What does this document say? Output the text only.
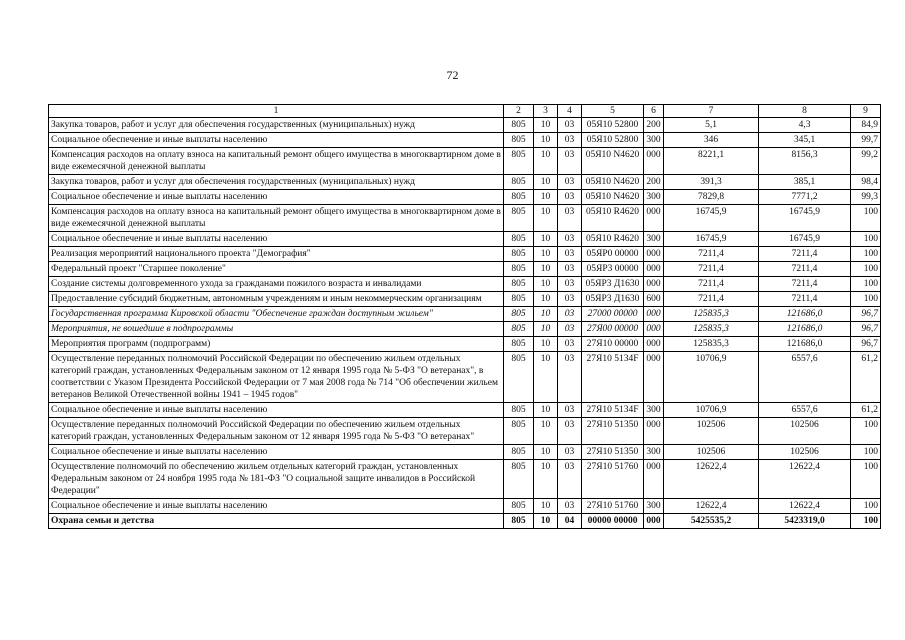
72
1	2	3	4	5	6	7	8	9
Закупка товаров, работ и услуг для обеспечения государственных (муниципальных) нужд	805	10	03	05Я10 52800	200	5,1	4,3	84,9
Социальное обеспечение и иные выплаты населению	805	10	03	05Я10 52800	300	346	345,1	99,7
Компенсация расходов на оплату взноса на капитальный ремонт общего имущества в многоквартирном доме в виде ежемесячной денежной выплаты	805	10	03	05Я10 N4620	000	8221,1	8156,3	99,2
Закупка товаров, работ и услуг для обеспечения государственных (муниципальных) нужд	805	10	03	05Я10 N4620	200	391,3	385,1	98,4
Социальное обеспечение и иные выплаты населению	805	10	03	05Я10 N4620	300	7829,8	7771,2	99,3
Компенсация расходов на оплату взноса на капитальный ремонт общего имущества в многоквартирном доме в виде ежемесячной денежной выплаты	805	10	03	05Я10 R4620	000	16745,9	16745,9	100
Социальное обеспечение и иные выплаты населению	805	10	03	05Я10 R4620	300	16745,9	16745,9	100
Реализация мероприятий национального проекта "Демография"	805	10	03	05ЯР0 00000	000	7211,4	7211,4	100
Федеральный проект "Старшее поколение"	805	10	03	05ЯР3 00000	000	7211,4	7211,4	100
Создание системы долговременного ухода за гражданами пожилого возраста и инвалидами	805	10	03	05ЯР3 Д1630	000	7211,4	7211,4	100
Предоставление субсидий бюджетным, автономным учреждениям и иным некоммерческим организациям	805	10	03	05ЯР3 Д1630	600	7211,4	7211,4	100
Государственная программа Кировской области "Обеспечение граждан доступным жильем"	805	10	03	27000 00000	000	125835,3	121686,0	96,7
Мероприятия, не вошедшие в подпрограммы	805	10	03	27Я00 00000	000	125835,3	121686,0	96,7
Мероприятия программ (подпрограмм)	805	10	03	27Я10 00000	000	125835,3	121686,0	96,7
Осуществление переданных полномочий Российской Федерации по обеспечению жильем отдельных категорий граждан, установленных Федеральным законом от 12 января 1995 года № 5-ФЗ "О ветеранах", в соответствии с Указом Президента Российской Федерации от 7 мая 2008 года № 714 "Об обеспечении жильем ветеранов Великой Отечественной войны 1941 – 1945 годов"	805	10	03	27Я10 5134F	000	10706,9	6557,6	61,2
Социальное обеспечение и иные выплаты населению	805	10	03	27Я10 5134F	300	10706,9	6557,6	61,2
Осуществление переданных полномочий Российской Федерации по обеспечению жильем отдельных категорий граждан, установленных Федеральным законом от 12 января 1995 года № 5-ФЗ "О ветеранах"	805	10	03	27Я10 51350	000	102506	102506	100
Социальное обеспечение и иные выплаты населению	805	10	03	27Я10 51350	300	102506	102506	100
Осуществление полномочий по обеспечению жильем отдельных категорий граждан, установленных Федеральным законом от 24 ноября 1995 года № 181-ФЗ "О социальной защите инвалидов в Российской Федерации"	805	10	03	27Я10 51760	000	12622,4	12622,4	100
Социальное обеспечение и иные выплаты населению	805	10	03	27Я10 51760	300	12622,4	12622,4	100
Охрана семьи и детства	805	10	04	00000 00000	000	5425535,2	5423319,0	100
